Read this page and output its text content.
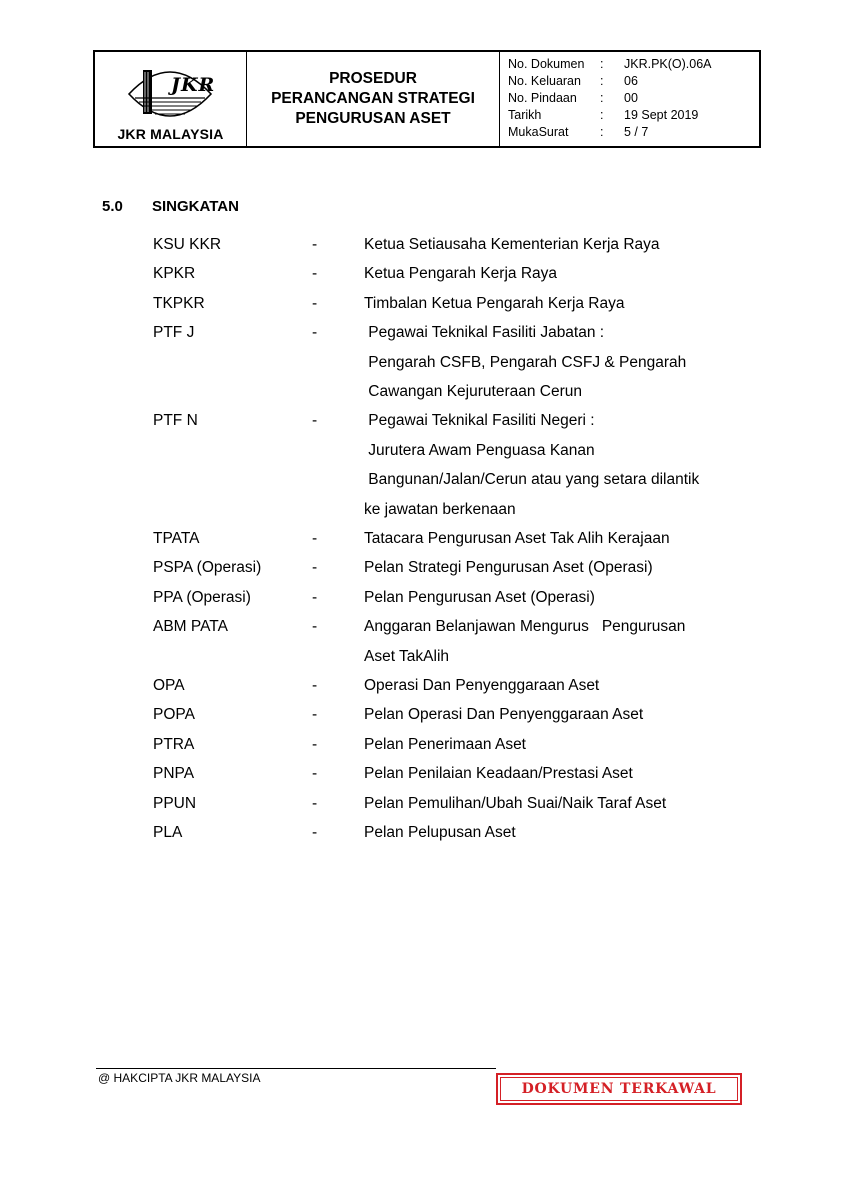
JKR
JKR MALAYSIA
PROSEDUR
PERANCANGAN STRATEGI
PENGURUSAN ASET
No. Dokumen	:	JKR.PK(O).06A
No. Keluaran	:	06
No. Pindaan	:	00
Tarikh	:	19 Sept 2019
MukaSurat	:	5 / 7
5.0 SINGKATAN
KSU KKR	-	Ketua Setiausaha Kementerian Kerja Raya
KPKR	-	Ketua Pengarah Kerja Raya
TKPKR	-	Timbalan Ketua Pengarah Kerja Raya
PTF J	-	Pegawai Teknikal Fasiliti Jabatan :
Pengarah CSFB, Pengarah CSFJ & Pengarah
Cawangan Kejuruteraan Cerun
PTF N	-	Pegawai Teknikal Fasiliti Negeri :
Jurutera Awam Penguasa Kanan
Bangunan/Jalan/Cerun atau yang setara dilantik
ke jawatan berkenaan
TPATA	-	Tatacara Pengurusan Aset Tak Alih Kerajaan
PSPA (Operasi)	-	Pelan Strategi Pengurusan Aset (Operasi)
PPA (Operasi)	-	Pelan Pengurusan Aset (Operasi)
ABM PATA	-	Anggaran Belanjawan Mengurus   Pengurusan
Aset TakAlih
OPA	-	Operasi Dan Penyenggaraan Aset
POPA	-	Pelan Operasi Dan Penyenggaraan Aset
PTRA	-	Pelan Penerimaan Aset
PNPA	-	Pelan Penilaian Keadaan/Prestasi Aset
PPUN	-	Pelan Pemulihan/Ubah Suai/Naik Taraf Aset
PLA	-	Pelan Pelupusan Aset
@ HAKCIPTA JKR MALAYSIA
DOKUMEN TERKAWAL
